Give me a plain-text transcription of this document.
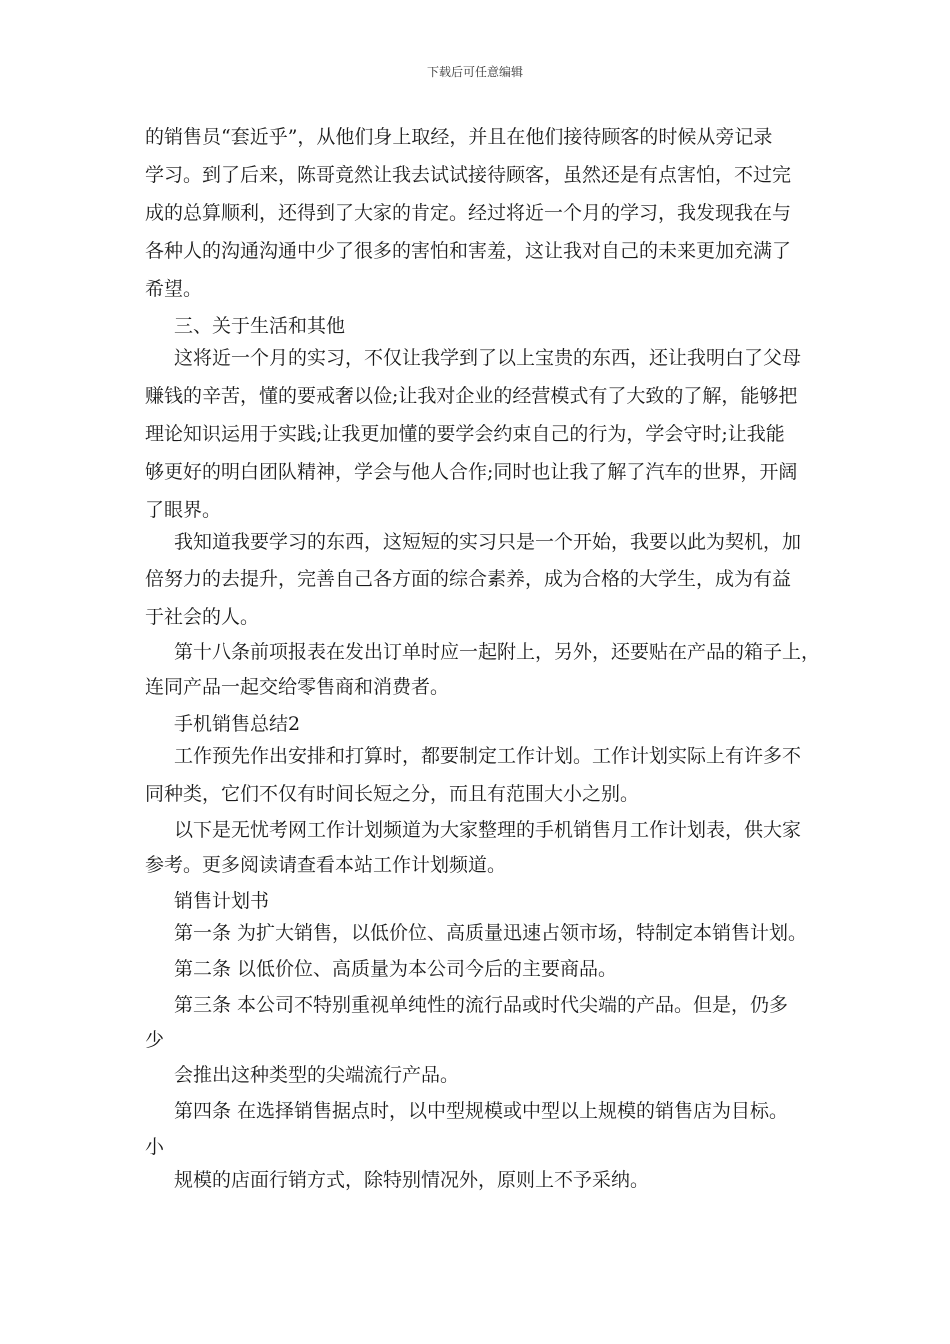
下载后可任意编辑
的销售员“套近乎”，从他们身上取经，并且在他们接待顾客的时候从旁记录
学习。到了后来，陈哥竟然让我去试试接待顾客，虽然还是有点害怕，不过完
成的总算顺利，还得到了大家的肯定。经过将近一个月的学习，我发现我在与
各种人的沟通沟通中少了很多的害怕和害羞，这让我对自己的未来更加充满了
希望。
三、关于生活和其他
这将近一个月的实习，不仅让我学到了以上宝贵的东西，还让我明白了父母
赚钱的辛苦，懂的要戒奢以俭;让我对企业的经营模式有了大致的了解，能够把
理论知识运用于实践;让我更加懂的要学会约束自己的行为，学会守时;让我能
够更好的明白团队精神，学会与他人合作;同时也让我了解了汽车的世界，开阔
了眼界。
我知道我要学习的东西，这短短的实习只是一个开始，我要以此为契机，加
倍努力的去提升，完善自己各方面的综合素养，成为合格的大学生，成为有益
于社会的人。
第十八条前项报表在发出订单时应一起附上，另外，还要贴在产品的箱子上，
连同产品一起交给零售商和消费者。
手机销售总结2
工作预先作出安排和打算时，都要制定工作计划。工作计划实际上有许多不
同种类，它们不仅有时间长短之分，而且有范围大小之别。
以下是无忧考网工作计划频道为大家整理的手机销售月工作计划表，供大家
参考。更多阅读请查看本站工作计划频道。
销售计划书
第一条 为扩大销售，以低价位、高质量迅速占领市场，特制定本销售计划。
第二条 以低价位、高质量为本公司今后的主要商品。
第三条 本公司不特别重视单纯性的流行品或时代尖端的产品。但是，仍多
少
会推出这种类型的尖端流行产品。
第四条 在选择销售据点时，以中型规模或中型以上规模的销售店为目标。
小
规模的店面行销方式，除特别情况外，原则上不予采纳。
